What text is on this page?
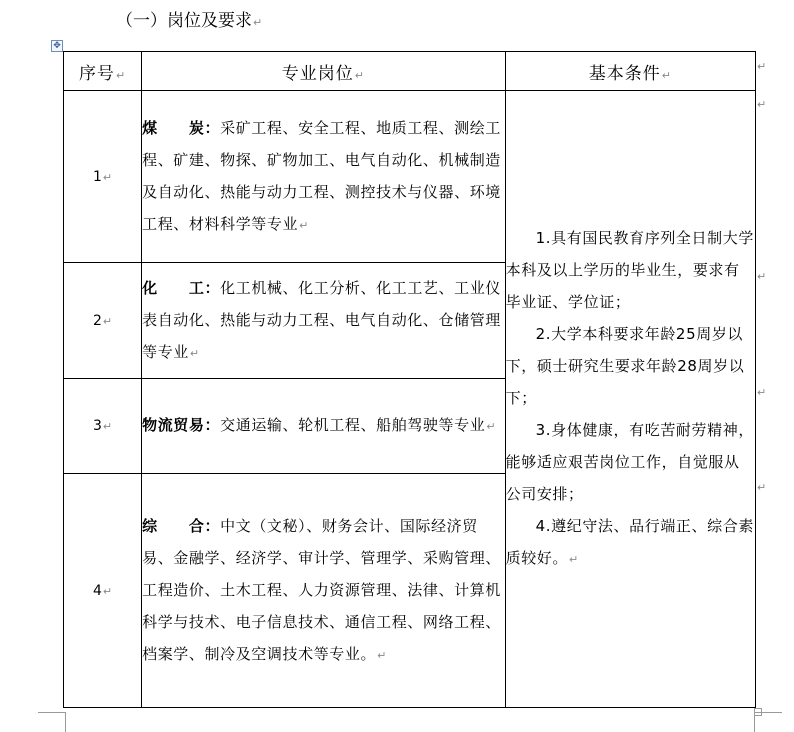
（一）岗位及要求↵
✥
序号↵	专业岗位↵	基本条件↵
1↵	煤　　炭：采矿工程、安全工程、地质工程、测绘工程、矿建、物探、矿物加工、电气自动化、机械制造及自动化、热能与动力工程、测控技术与仪器、环境工程、材料科学等专业↵	1.具有国民教育序列全日制大学本科及以上学历的毕业生，要求有毕业证、学位证；

2.大学本科要求年龄25周岁以下，硕士研究生要求年龄28周岁以下；

3.身体健康，有吃苦耐劳精神，能够适应艰苦岗位工作，自觉服从公司安排；

4.遵纪守法、品行端正、综合素质较好。↵

2↵	化　　工：化工机械、化工分析、化工工艺、工业仪表自动化、热能与动力工程、电气自动化、仓储管理等专业↵	
3↵	物流贸易：交通运输、轮机工程、船舶驾驶等专业↵	
4↵	综　　合：中文（文秘）、财务会计、国际经济贸易、金融学、经济学、审计学、管理学、采购管理、工程造价、土木工程、人力资源管理、法律、计算机科学与技术、电子信息技术、通信工程、网络工程、档案学、制冷及空调技术等专业。↵	
↵
↵
↵
↵
↵
